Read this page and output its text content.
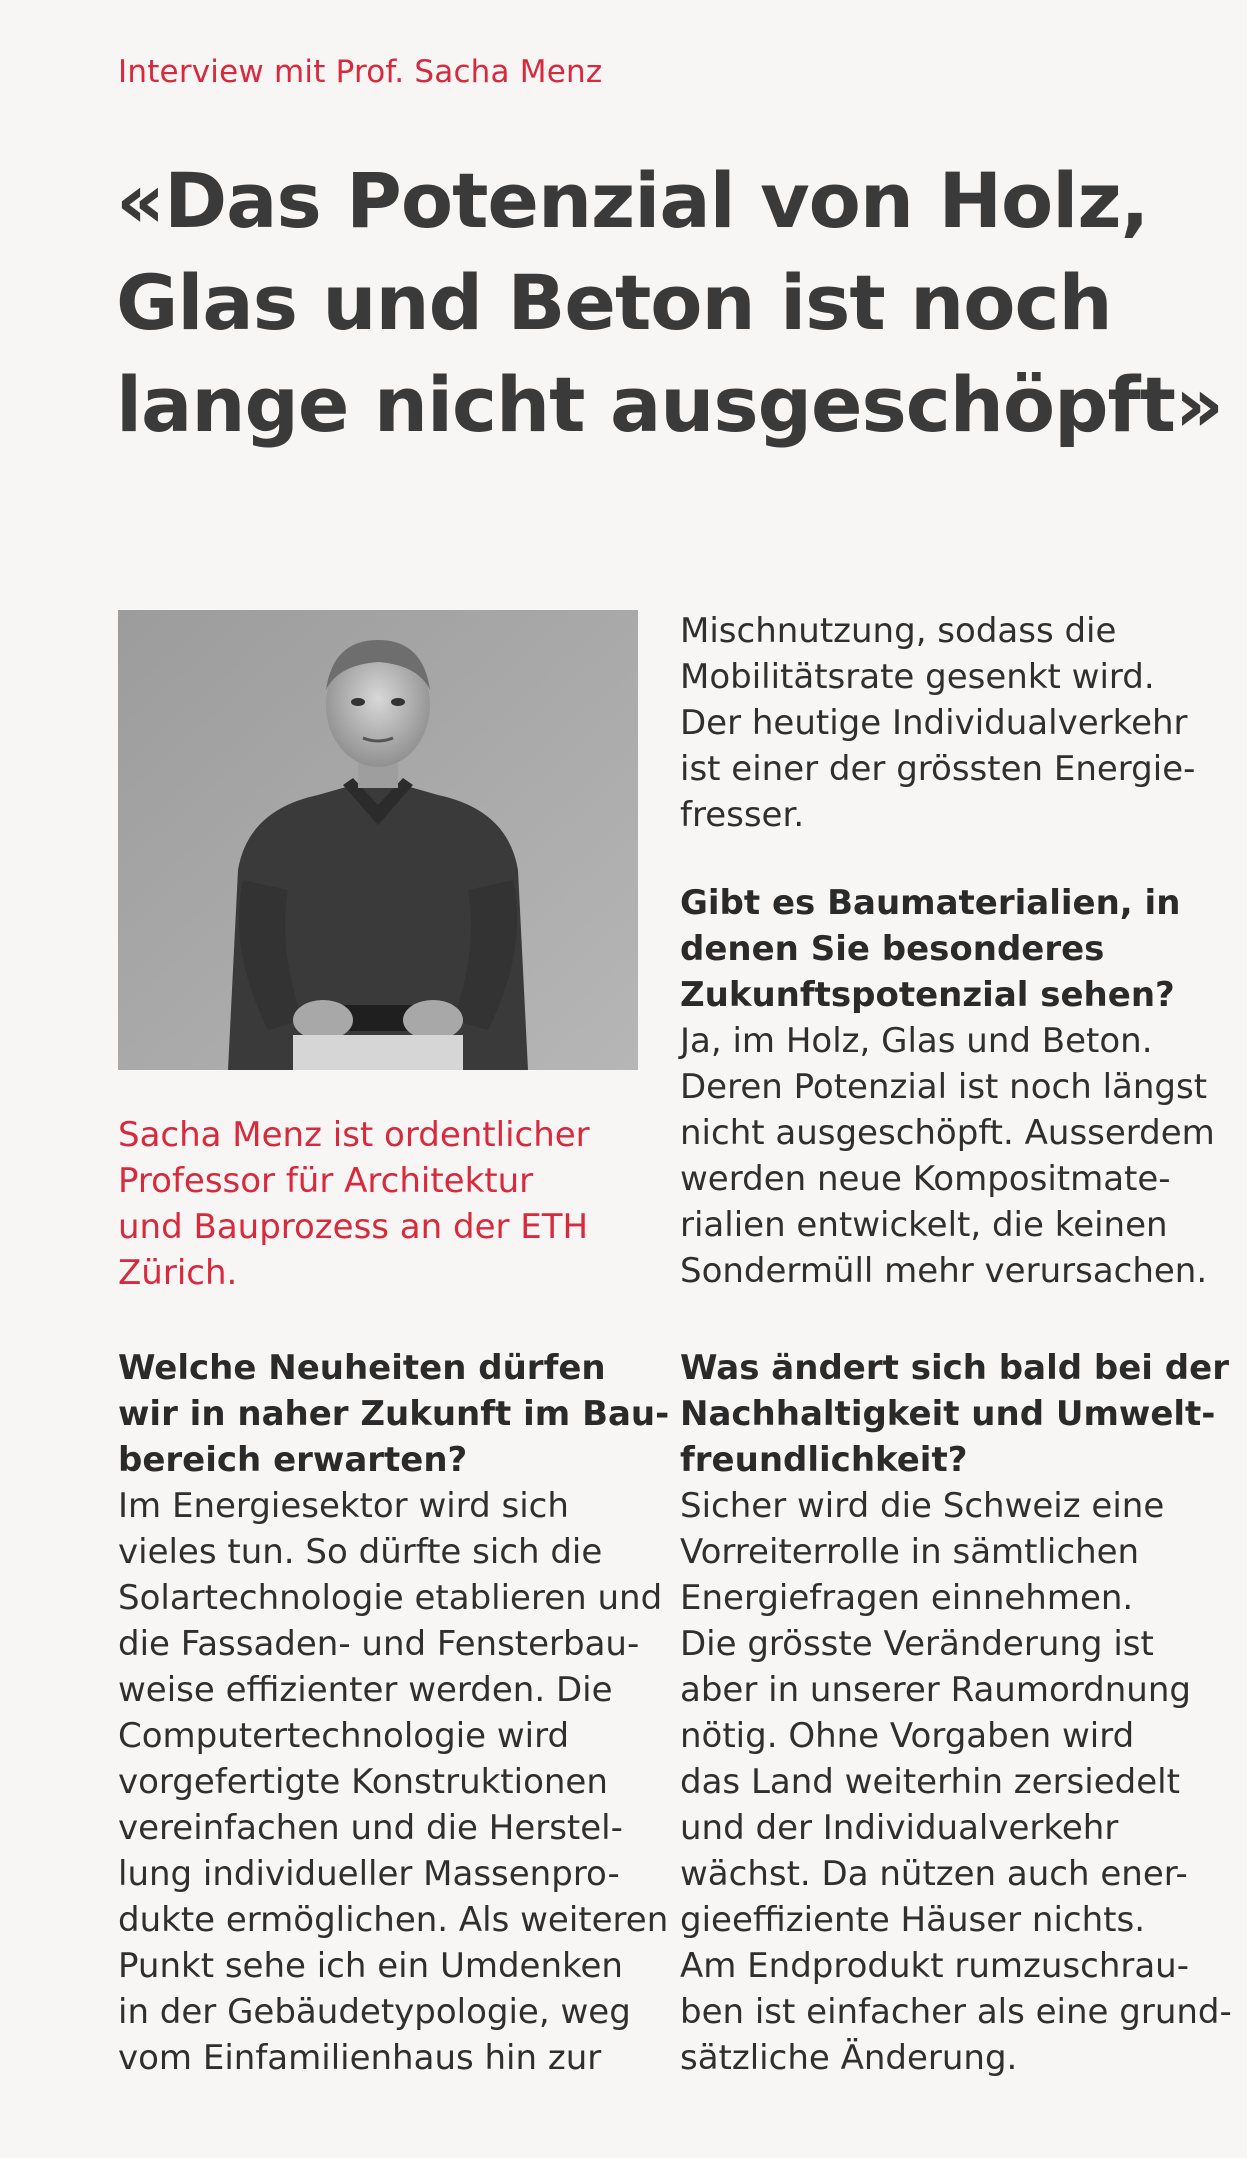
Interview mit Prof. Sacha Menz
«Das Potenzial von Holz,
Glas und Beton ist noch
lange nicht ausgeschöpft»
Sacha Menz ist ordentlicher
Professor für Architektur
und Bauprozess an der ETH
Zürich.
Welche Neuheiten dürfen
wir in naher Zukunft im Bau-
bereich erwarten?
Im Energiesektor wird sich
vieles tun. So dürfte sich die
Solartechnologie etablieren und
die Fassaden- und Fensterbau-
weise effizienter werden. Die
Computertechnologie wird
vorgefertigte Konstruktionen
vereinfachen und die Herstel-
lung individueller Massenpro-
dukte ermöglichen. Als weiteren
Punkt sehe ich ein Umdenken
in der Gebäudetypologie, weg
vom Einfamilienhaus hin zur
Mischnutzung, sodass die
Mobilitätsrate gesenkt wird.
Der heutige Individualverkehr
ist einer der grössten Energie-
fresser.
Gibt es Baumaterialien, in
denen Sie besonderes
Zukunftspotenzial sehen?
Ja, im Holz, Glas und Beton.
Deren Potenzial ist noch längst
nicht ausgeschöpft. Ausserdem
werden neue Kompositmate-
rialien entwickelt, die keinen
Sondermüll mehr verursachen.
Was ändert sich bald bei der
Nachhaltigkeit und Umwelt-
freundlichkeit?
Sicher wird die Schweiz eine
Vorreiterrolle in sämtlichen
Energiefragen einnehmen.
Die grösste Veränderung ist
aber in unserer Raumordnung
nötig. Ohne Vorgaben wird
das Land weiterhin zersiedelt
und der Individualverkehr
wächst. Da nützen auch ener-
gieeffiziente Häuser nichts.
Am Endprodukt rumzuschrau-
ben ist einfacher als eine grund-
sätzliche Änderung.
